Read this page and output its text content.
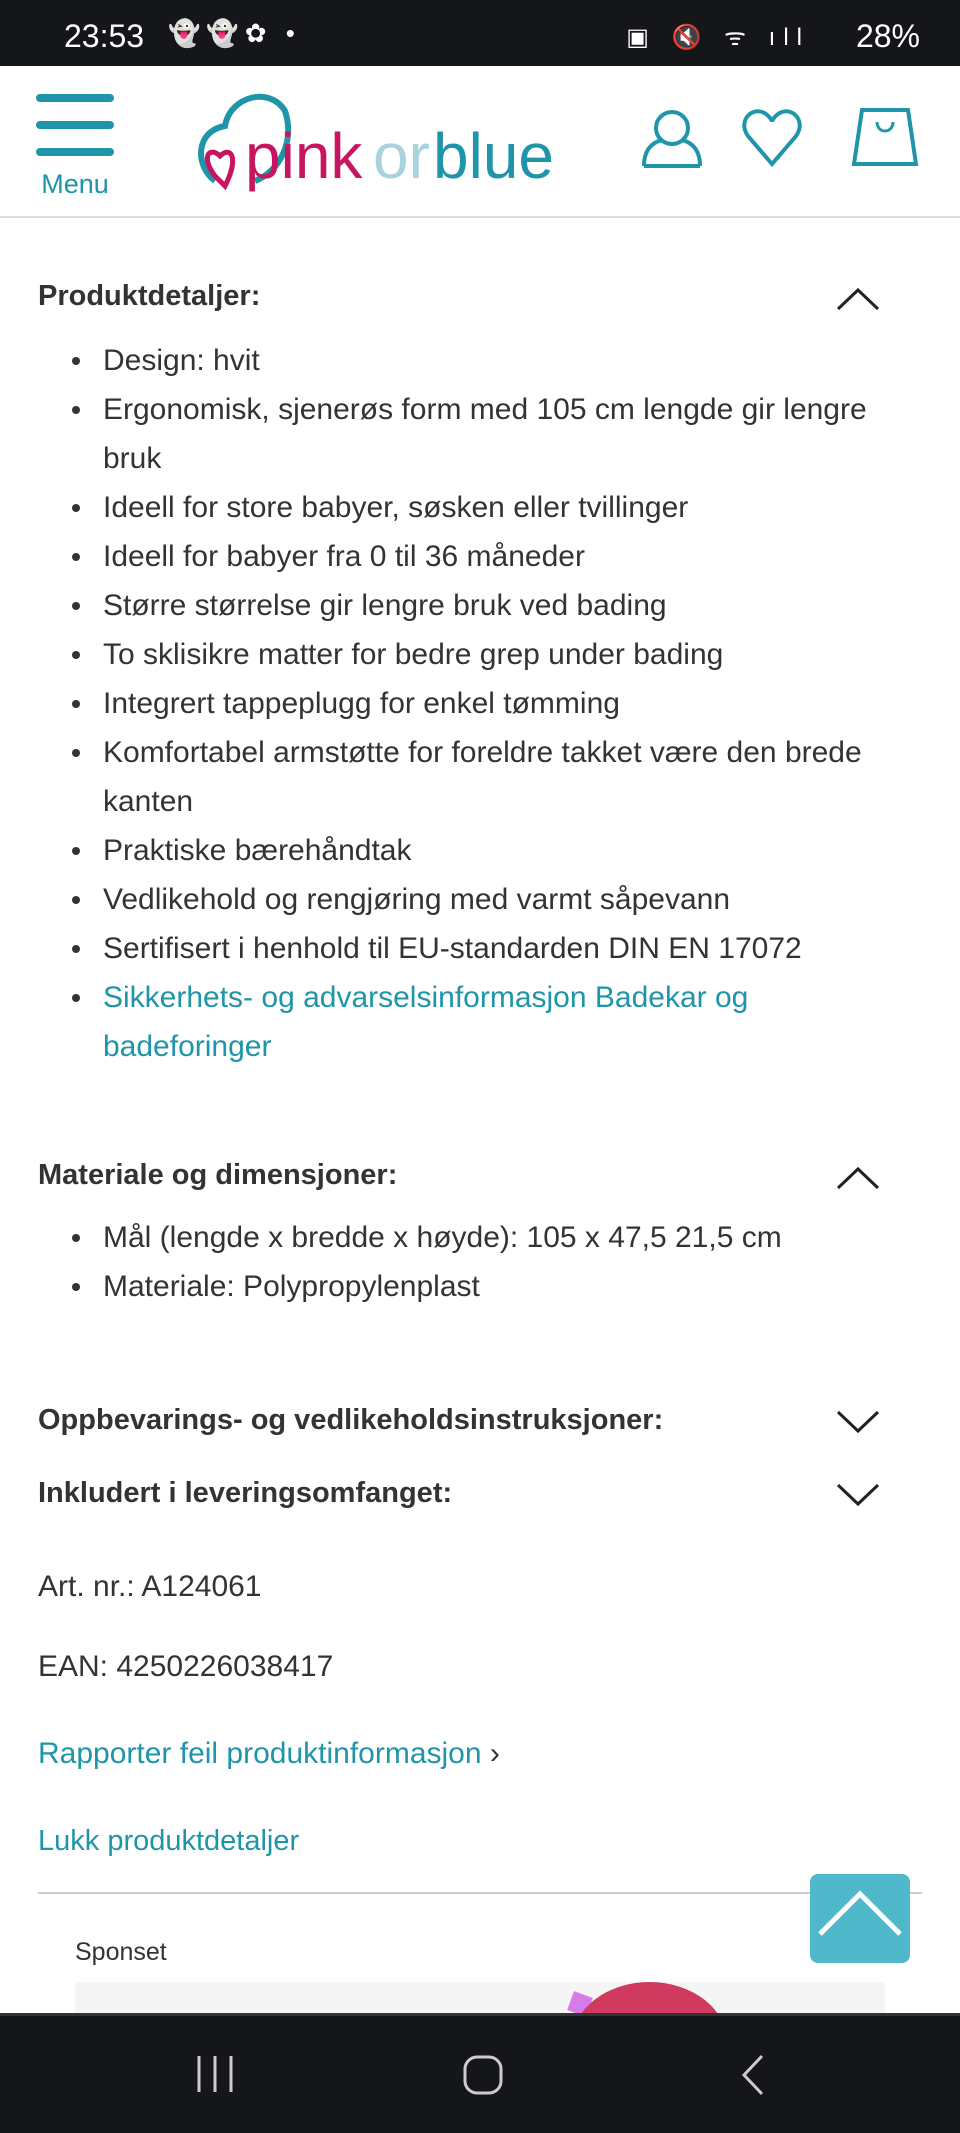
23:53 👻👻✿ •	▣ 🔇 ᯤ ıll 28%
Menu pink or blue
Produktdetaljer:
Design: hvit
Ergonomisk, sjenerøs form med 105 cm lengde gir lengre bruk
Ideell for store babyer, søsken eller tvillinger
Ideell for babyer fra 0 til 36 måneder
Større størrelse gir lengre bruk ved bading
To sklisikre matter for bedre grep under bading
Integrert tappeplugg for enkel tømming
Komfortabel armstøtte for foreldre takket være den brede kanten
Praktiske bærehåndtak
Vedlikehold og rengjøring med varmt såpevann
Sertifisert i henhold til EU-standarden DIN EN 17072
Sikkerhets- og advarselsinformasjon Badekar og badeforinger
Materiale og dimensjoner:
Mål (lengde x bredde x høyde): 105 x 47,5 21,5 cm
Materiale: Polypropylenplast
Oppbevarings- og vedlikeholdsinstruksjoner:
Inkludert i leveringsomfanget:
Art. nr.: A124061
EAN: 4250226038417
Rapporter feil produktinformasjon ›
Lukk produktdetaljer
Sponset
